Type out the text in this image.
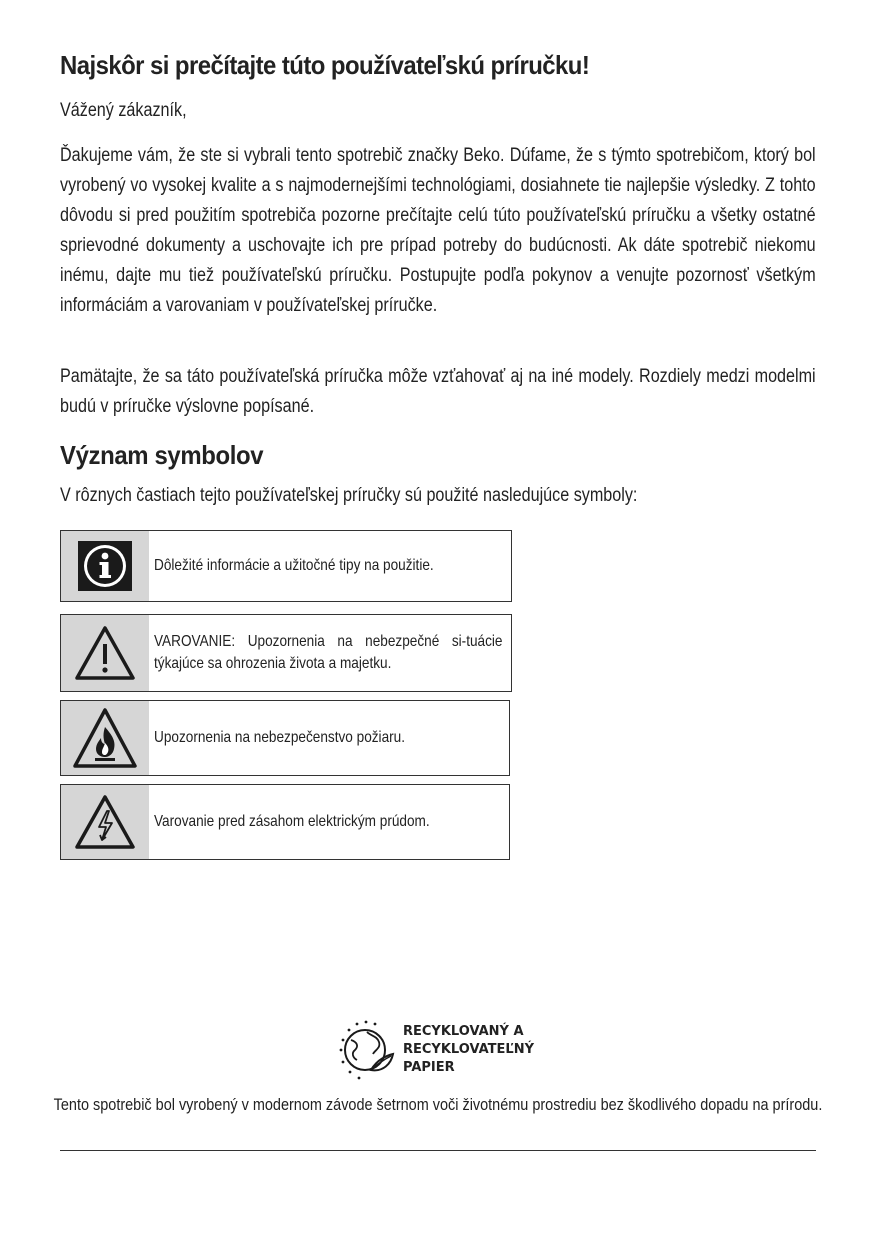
Najskôr si prečítajte túto používateľskú príručku!

Vážený zákazník,

Ďakujeme vám, že ste si vybrali tento spotrebič značky Beko. Dúfame, že s týmto spotrebičom, ktorý bol vyrobený vo vysokej kvalite a s najmodernejšími technológiami, dosiahnete tie najlepšie výsledky. Z tohto dôvodu si pred použitím spotrebiča pozorne prečítajte celú túto používateľskú príručku a všetky ostatné sprievodné dokumenty a uschovajte ich pre prípad potreby do budúcnosti. Ak dáte spotrebič niekomu inému, dajte mu tiež používateľskú príručku. Postupujte podľa pokynov a venujte pozornosť všetkým informáciám a varovaniam v používateľskej príručke.

Pamätajte, že sa táto používateľská príručka môže vzťahovať aj na iné modely. Rozdiely medzi modelmi budú v príručke výslovne popísané.

Význam symbolov

V rôznych častiach tejto používateľskej príručky sú použité nasledujúce symboly:

Dôležité informácie a užitočné tipy na použitie.
VAROVANIE: Upozornenia na nebezpečné si-tuácie týkajúce sa ohrozenia života a majetku.
Upozornenia na nebezpečenstvo požiaru.
Varovanie pred zásahom elektrickým prúdom.
RECYKLOVANÝ A
RECYKLOVATEĽNÝ
PAPIER

Tento spotrebič bol vyrobený v modernom závode šetrnom voči životnému prostrediu bez škodlivého dopadu na prírodu.
